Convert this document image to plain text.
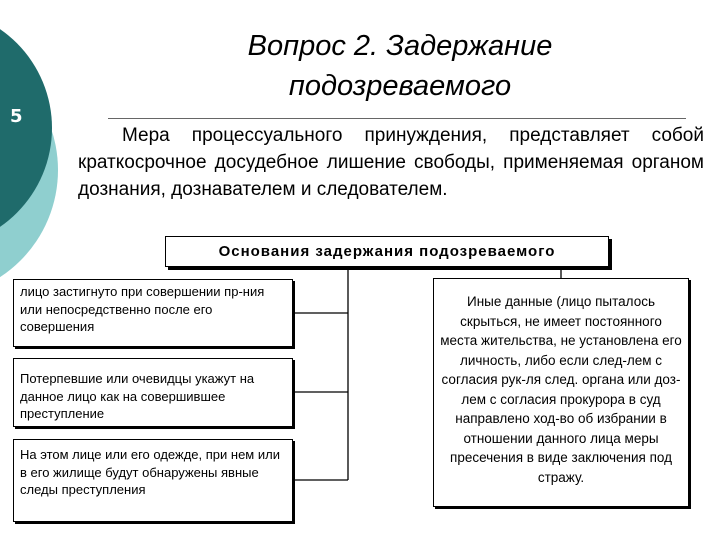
5
Вопрос 2. Задержание
подозреваемого
Мера процессуального принуждения, представляет собой краткосрочное досудебное лишение свободы, применяемая органом дознания, дознавателем и следователем.
Основания задержания подозреваемого
лицо застигнуто при совершении пр-ния или непосредственно после его совершения
Потерпевшие или очевидцы укажут на данное лицо как на совершившее преступление
На этом лице или его одежде, при нем или в его жилище будут обнаружены явные следы преступления
Иные данные (лицо пыталось скрыться, не имеет постоянного места жительства, не установлена его личность, либо если след-лем с согласия рук-ля след. органа или доз-лем с согласия прокурора в суд направлено ход-во об избрании в отношении данного лица меры пресечения в виде заключения под стражу.
